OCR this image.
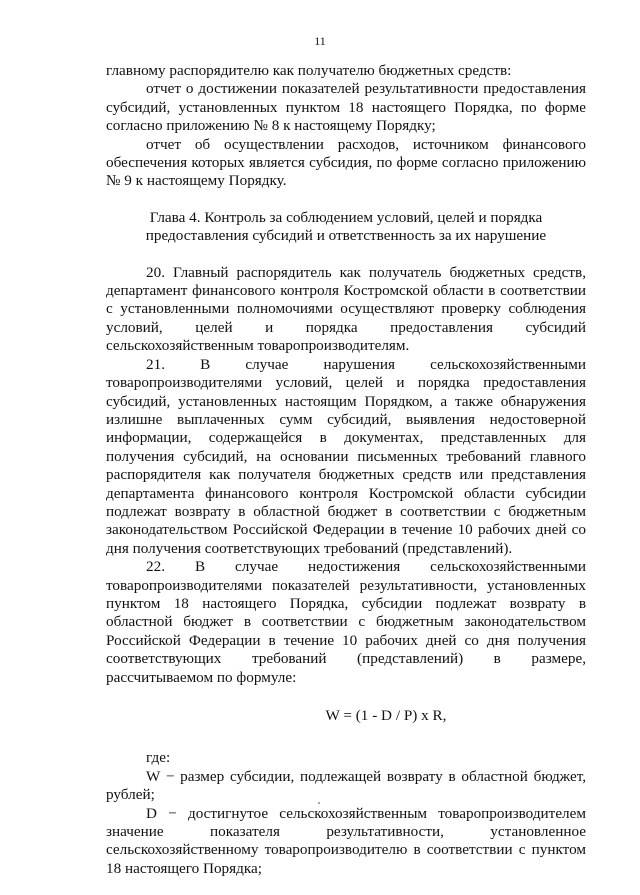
11

главному распорядителю как получателю бюджетных средств:

отчет о достижении показателей результативности предоставления субсидий, установленных пунктом 18 настоящего Порядка, по форме согласно приложению № 8 к настоящему Порядку;

отчет об осуществлении расходов, источником финансового обеспечения которых является субсидия, по форме согласно приложению № 9 к настоящему Порядку.

Глава 4. Контроль за соблюдением условий, целей и порядка предоставления субсидий и ответственность за их нарушение

20. Главный распорядитель как получатель бюджетных средств, департамент финансового контроля Костромской области в соответствии с установленными полномочиями осуществляют проверку соблюдения условий, целей и порядка предоставления субсидий сельскохозяйственным товаропроизводителям.

21. В случае нарушения сельскохозяйственными товаропроизводителями условий, целей и порядка предоставления субсидий, установленных настоящим Порядком, а также обнаружения излишне выплаченных сумм субсидий, выявления недостоверной информации, содержащейся в документах, представленных для получения субсидий, на основании письменных требований главного распорядителя как получателя бюджетных средств или представления департамента финансового контроля Костромской области субсидии подлежат возврату в областной бюджет в соответствии с бюджетным законодательством Российской Федерации в течение 10 рабочих дней со дня получения соответствующих требований (представлений).

22. В случае недостижения сельскохозяйственными товаропроизводителями показателей результативности, установленных пунктом 18 настоящего Порядка, субсидии подлежат возврату в областной бюджет в соответствии с бюджетным законодательством Российской Федерации в течение 10 рабочих дней со дня получения соответствующих требований (представлений) в размере, рассчитываемом по формуле:

W = (1 - D / P) x R,

где:

W − размер субсидии, подлежащей возврату в областной бюджет, рублей;

D − достигнутое сельскохозяйственным товаропроизводителем значение показателя результативности, установленное сельскохозяйственному товаропроизводителю в соответствии с пунктом 18 настоящего Порядка;
